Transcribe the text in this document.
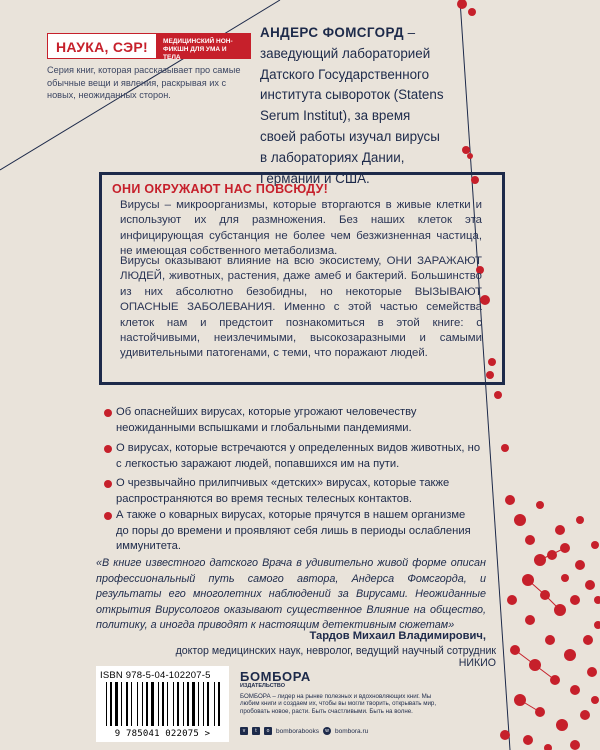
НАУКА, СЭР!	МЕДИЦИНСКИЙ НОН-ФИКШН ДЛЯ УМА И ТЕЛА
Серия книг, которая рассказывает про самые обычные вещи и явления, раскрывая их с новых, неожиданных сторон.
АНДЕРС ФОМСГОРД – заведующий лабораторией Датского Государственного института сывороток (Statens Serum Institut), за время своей работы изучал вирусы в лабораториях Дании, Германии и США.
ОНИ ОКРУЖАЮТ НАС ПОВСЮДУ!
Вирусы – микроорганизмы, которые вторгаются в живые клетки и используют их для размножения. Без наших клеток эта инфицирующая субстанция не более чем безжизненная частица, не имеющая собственного метаболизма.
Вирусы оказывают влияние на всю экосистему, ОНИ ЗАРАЖАЮТ ЛЮДЕЙ, животных, растения, даже амеб и бактерий. Большинство из них абсолютно безобидны, но некоторые ВЫЗЫВАЮТ ОПАСНЫЕ ЗАБОЛЕВАНИЯ. Именно с этой частью семейства клеток нам и предстоит познакомиться в этой книге: с настойчивыми, неизлечимыми, высокозаразными и самыми удивительными патогенами, с теми, что поражают людей.
Об опаснейших вирусах, которые угрожают человечеству неожиданными вспышками и глобальными пандемиями.
О вирусах, которые встречаются у определенных видов животных, но с легкостью заражают людей, попавшихся им на пути.
О чрезвычайно прилипчивых «детских» вирусах, которые также распространяются во время тесных телесных контактов.
А также о коварных вирусах, которые прячутся в нашем организме до поры до времени и проявляют себя лишь в периоды ослабления иммунитета.
«В книге известного датского Врача в удивительно живой форме описан профессиональный путь самого автора, Андерса Фомсгорда, и результаты его многолетних наблюдений за Вирусами. Неожиданные открытия Вирусологов оказывают существенное Влияние на общество, политику, а иногда приводят к настоящим детективным сюжетам»
Тардов Михаил Владимирович,
доктор медицинских наук, невролог, ведущий научный сотрудник НИКИО
ISBN 978-5-04-102207-5
9 785041 022075 >
БОМБОРА
ИЗДАТЕЛЬСТВО
БОМБОРА – лидер на рынке полезных и вдохновляющих книг. Мы любим книги и создаем их, чтобы вы могли творить, открывать мир, пробовать новое, расти. Быть счастливыми. Быть на волне.
v	t	o	bomborabooks	w bombora.ru
